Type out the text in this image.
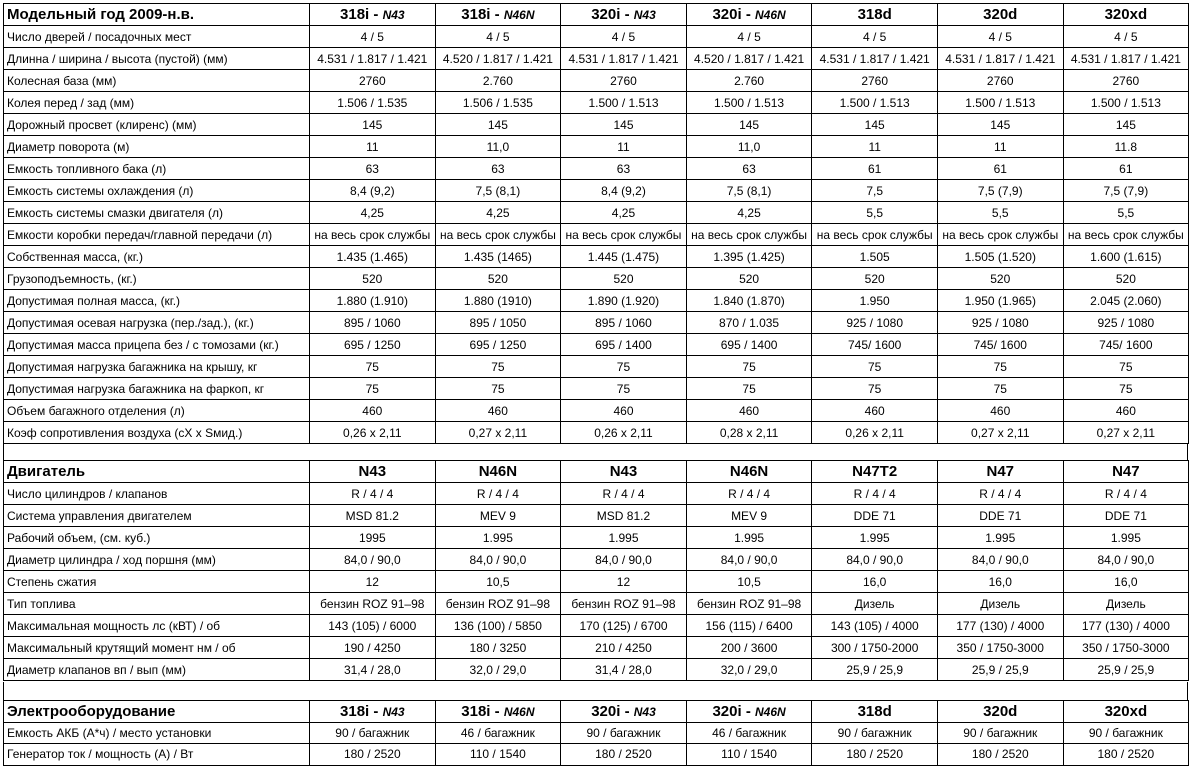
Модельный год 2009-н.в.	318i - N43	318i - N46N	320i - N43	320i - N46N	318d	320d	320xd
Число дверей / посадочных мест	4 / 5	4 / 5	4 / 5	4 / 5	4 / 5	4 / 5	4 / 5
Длинна / ширина / высота (пустой) (мм)	4.531 / 1.817 / 1.421	4.520 / 1.817 / 1.421	4.531 / 1.817 / 1.421	4.520 / 1.817 / 1.421	4.531 / 1.817 / 1.421	4.531 / 1.817 / 1.421	4.531 / 1.817 / 1.421
Колесная база (мм)	2760	2.760	2760	2.760	2760	2760	2760
Колея перед / зад (мм)	1.506 / 1.535	1.506 / 1.535	1.500 / 1.513	1.500 / 1.513	1.500 / 1.513	1.500 / 1.513	1.500 / 1.513
Дорожный просвет (клиренс) (мм)	145	145	145	145	145	145	145
Диаметр поворота (м)	11	11,0	11	11,0	11	11	11.8
Емкость топливного бака (л)	63	63	63	63	61	61	61
Емкость системы охлаждения (л)	8,4 (9,2)	7,5 (8,1)	8,4 (9,2)	7,5 (8,1)	7,5	7,5 (7,9)	7,5 (7,9)
Емкость системы смазки двигателя (л)	4,25	4,25	4,25	4,25	5,5	5,5	5,5
Емкости коробки передач/главной передачи (л)	на весь срок службы	на весь срок службы	на весь срок службы	на весь срок службы	на весь срок службы	на весь срок службы	на весь срок службы
Собственная масса, (кг.)	1.435 (1.465)	1.435 (1465)	1.445 (1.475)	1.395 (1.425)	1.505	1.505 (1.520)	1.600 (1.615)
Грузоподъемность, (кг.)	520	520	520	520	520	520	520
Допустимая полная масса, (кг.)	1.880 (1.910)	1.880 (1910)	1.890 (1.920)	1.840 (1.870)	1.950	1.950 (1.965)	2.045 (2.060)
Допустимая осевая нагрузка (пер./зад.), (кг.)	895 / 1060	895 / 1050	895 / 1060	870 / 1.035	925 / 1080	925 / 1080	925 / 1080
Допустимая масса прицепа без / с томозами (кг.)	695 / 1250	695 / 1250	695 / 1400	695 / 1400	745/ 1600	745/ 1600	745/ 1600
Допустимая нагрузка багажника на крышу, кг	75	75	75	75	75	75	75
Допустимая нагрузка багажника на фаркоп, кг	75	75	75	75	75	75	75
Объем багажного отделения (л)	460	460	460	460	460	460	460
Коэф сопротивления воздуха (cX x Sмид.)	0,26 x 2,11	0,27 x 2,11	0,26 x 2,11	0,28 x 2,11	0,26 x 2,11	0,27 x 2,11	0,27 x 2,11
Двигатель	N43	N46N	N43	N46N	N47T2	N47	N47
Число цилиндров / клапанов	R / 4 / 4	R / 4 / 4	R / 4 / 4	R / 4 / 4	R / 4 / 4	R / 4 / 4	R / 4 / 4
Система управления двигателем	MSD 81.2	MEV 9	MSD 81.2	MEV 9	DDE 71	DDE 71	DDE 71
Рабочий объем, (см. куб.)	1995	1.995	1.995	1.995	1.995	1.995	1.995
Диаметр цилиндра / ход поршня (мм)	84,0 / 90,0	84,0 / 90,0	84,0 / 90,0	84,0 / 90,0	84,0 / 90,0	84,0 / 90,0	84,0 / 90,0
Степень сжатия	12	10,5	12	10,5	16,0	16,0	16,0
Тип топлива	бензин ROZ 91–98	бензин ROZ 91–98	бензин ROZ 91–98	бензин ROZ 91–98	Дизель	Дизель	Дизель
Максимальная мощность лс (кВТ) / об	143 (105) / 6000	136 (100) / 5850	170 (125) / 6700	156 (115) / 6400	143 (105) / 4000	177 (130) / 4000	177 (130) / 4000
Максимальный крутящий момент нм / об	190 / 4250	180 / 3250	210 / 4250	200 / 3600	300 / 1750-2000	350 / 1750-3000	350 / 1750-3000
Диаметр клапанов вп / вып (мм)	31,4 / 28,0	32,0 / 29,0	31,4 / 28,0	32,0 / 29,0	25,9 / 25,9	25,9 / 25,9	25,9 / 25,9
Электрооборудование	318i - N43	318i - N46N	320i - N43	320i - N46N	318d	320d	320xd
Емкость АКБ (А*ч) / место установки	90 / багажник	46 / багажник	90 / багажник	46 / багажник	90 / багажник	90 / багажник	90 / багажник
Генератор ток / мощность (А) / Вт	180 / 2520	110 / 1540	180 / 2520	110 / 1540	180 / 2520	180 / 2520	180 / 2520
